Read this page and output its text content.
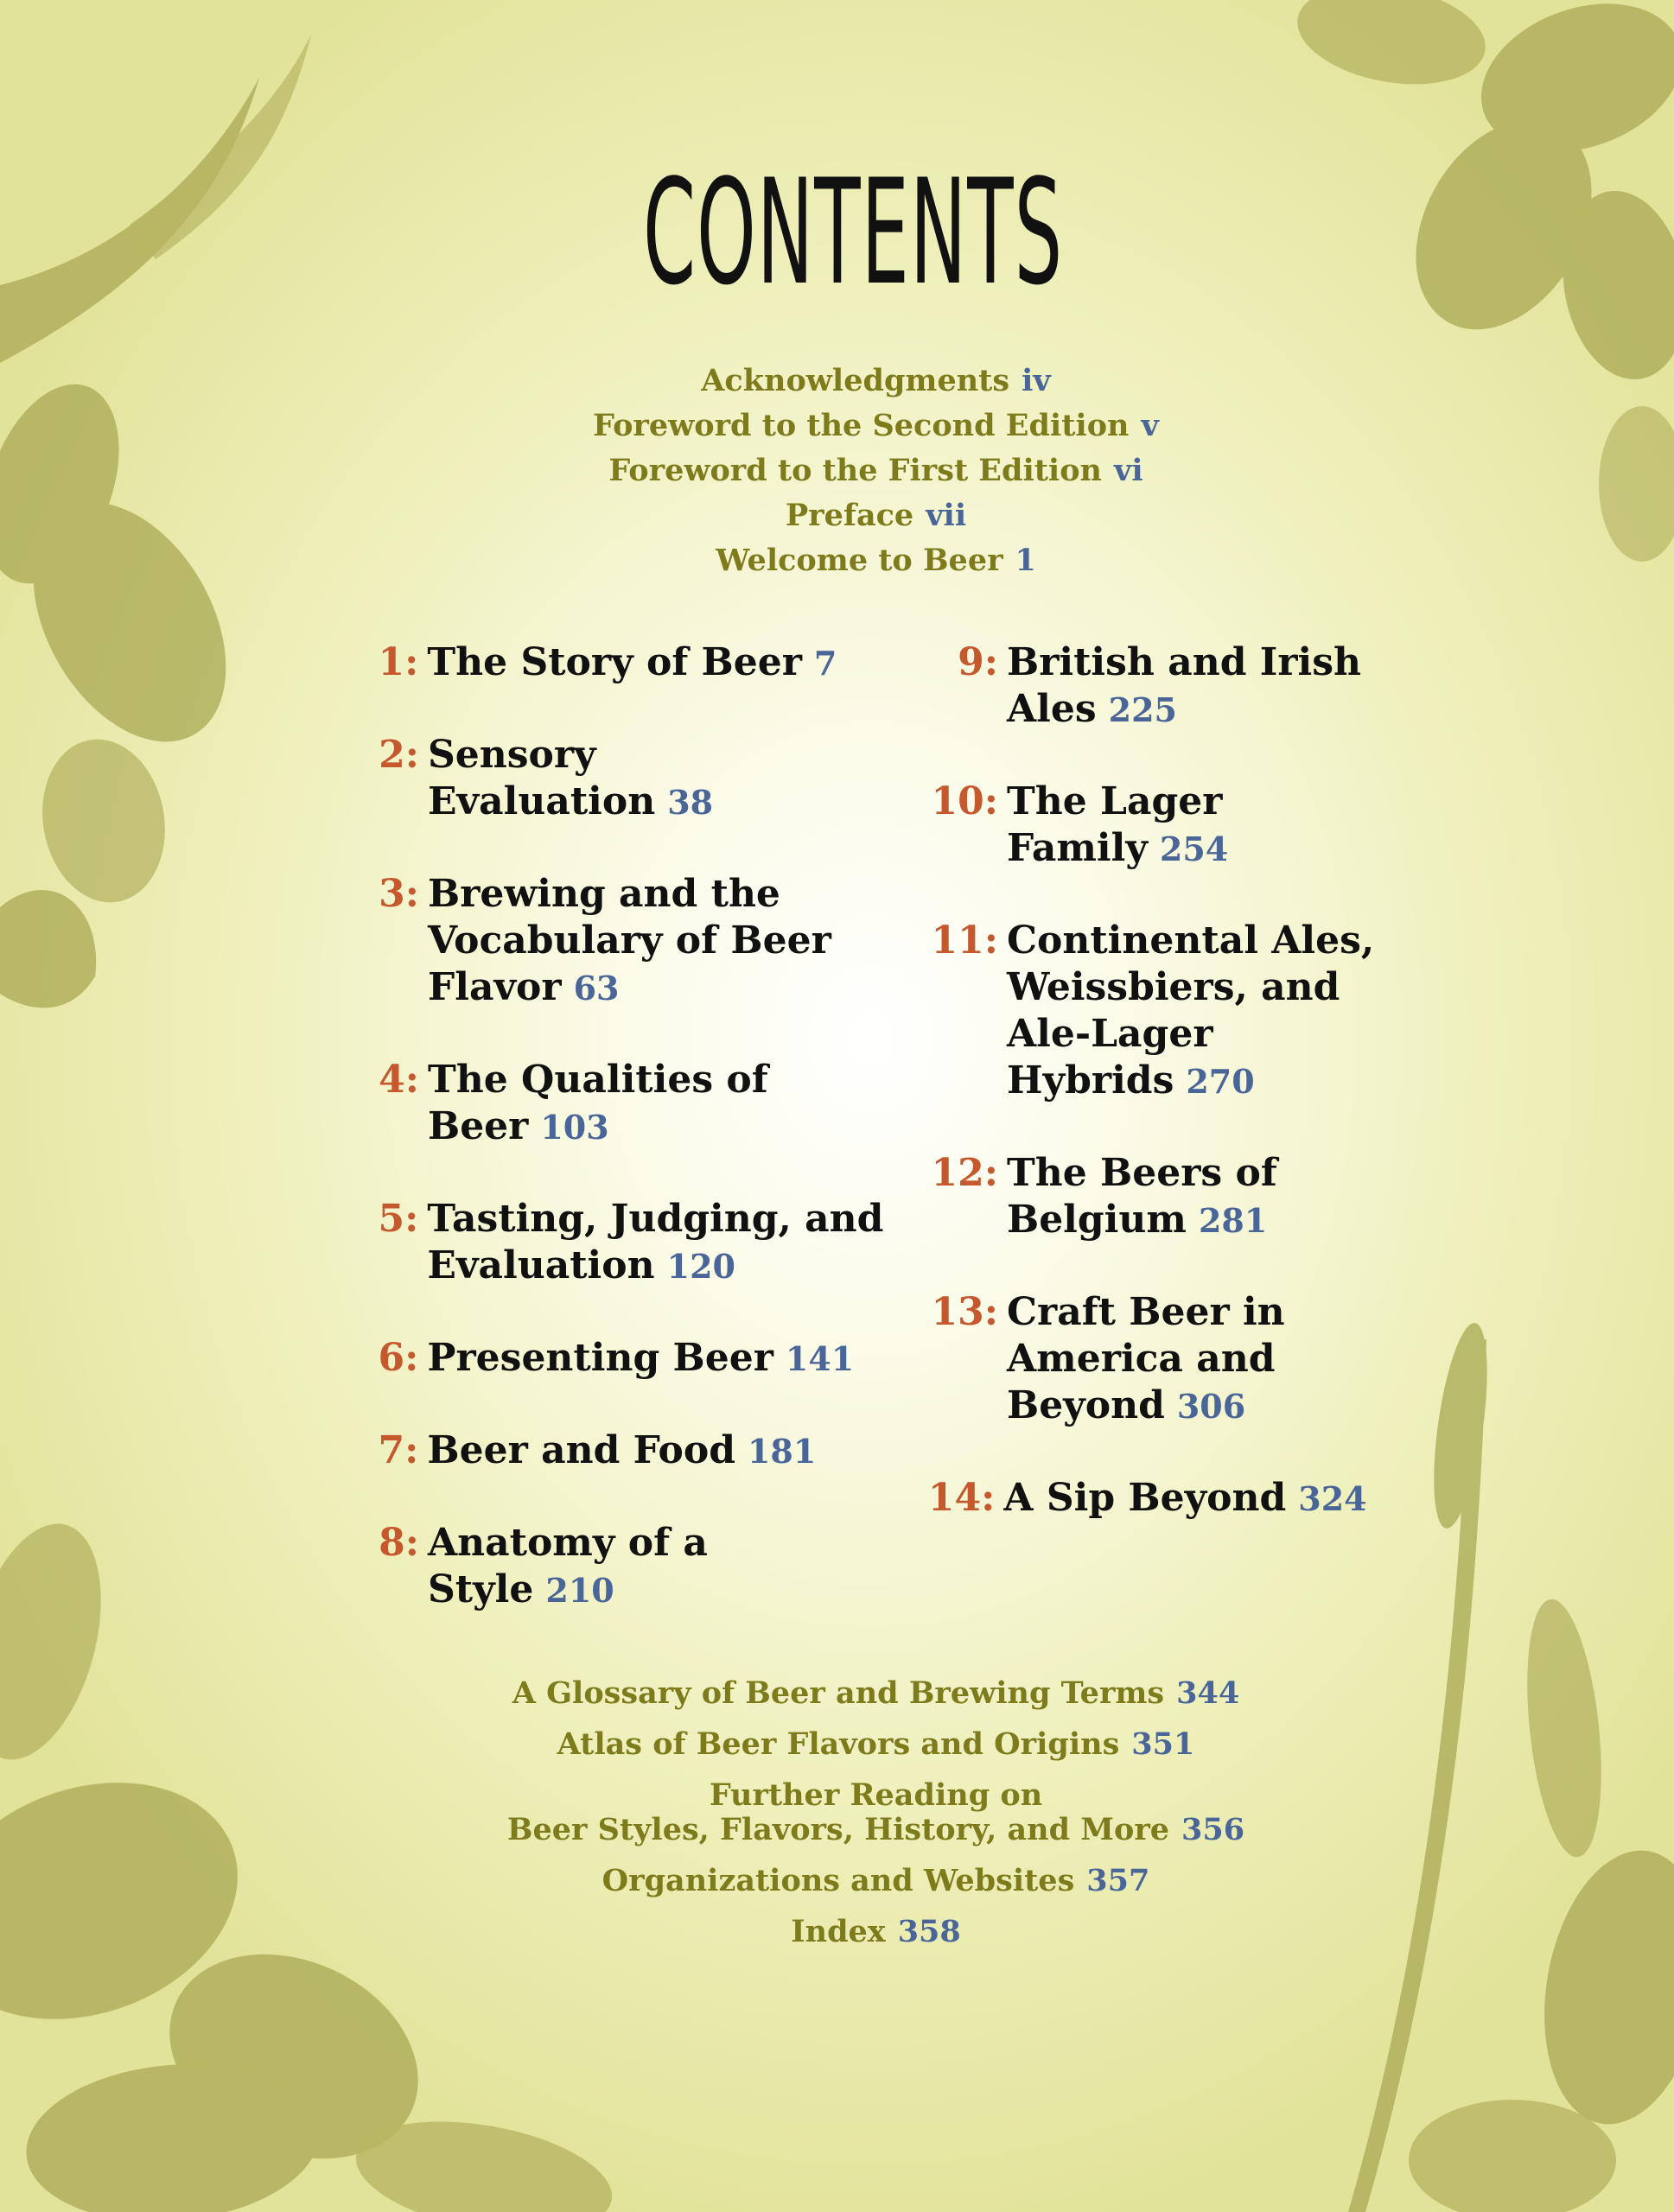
CONTENTS
Acknowledgments iv
Foreword to the Second Edition v
Foreword to the First Edition vi
Preface vii
Welcome to Beer 1
1: The Story of Beer 7
2: Sensory Evaluation 38
3: Brewing and the Vocabulary of Beer Flavor 63
4: The Qualities of Beer 103
5: Tasting, Judging, and Evaluation 120
6: Presenting Beer 141
7: Beer and Food 181
8: Anatomy of a Style 210
9: British and Irish Ales 225
10: The Lager Family 254
11: Continental Ales, Weissbiers, and Ale-Lager Hybrids 270
12: The Beers of Belgium 281
13: Craft Beer in America and Beyond 306
14: A Sip Beyond 324
A Glossary of Beer and Brewing Terms 344
Atlas of Beer Flavors and Origins 351
Further Reading on
Beer Styles, Flavors, History, and More 356
Organizations and Websites 357
Index 358
